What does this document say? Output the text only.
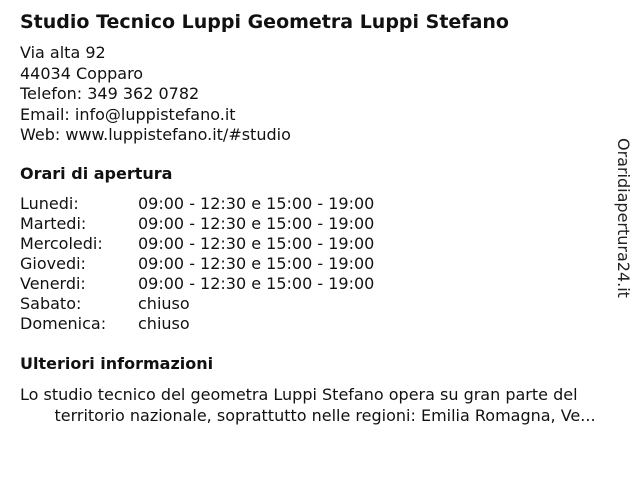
Studio Tecnico Luppi Geometra Luppi Stefano
Via alta 92
44034 Copparo
Telefon: 349 362 0782
Email: info@luppistefano.it
Web: www.luppistefano.it/#studio
Orari di apertura
Lunedi:	09:00 - 12:30 e 15:00 - 19:00
Martedi:	09:00 - 12:30 e 15:00 - 19:00
Mercoledi: 09:00 - 12:30 e 15:00 - 19:00
Giovedi:	09:00 - 12:30 e 15:00 - 19:00
Venerdi:	09:00 - 12:30 e 15:00 - 19:00
Sabato:	chiuso
Domenica: chiuso
Ulteriori informazioni
Lo studio tecnico del geometra Luppi Stefano opera su gran parte del
territorio nazionale, soprattutto nelle regioni: Emilia Romagna, Ve...
Oraridiapertura24.it
